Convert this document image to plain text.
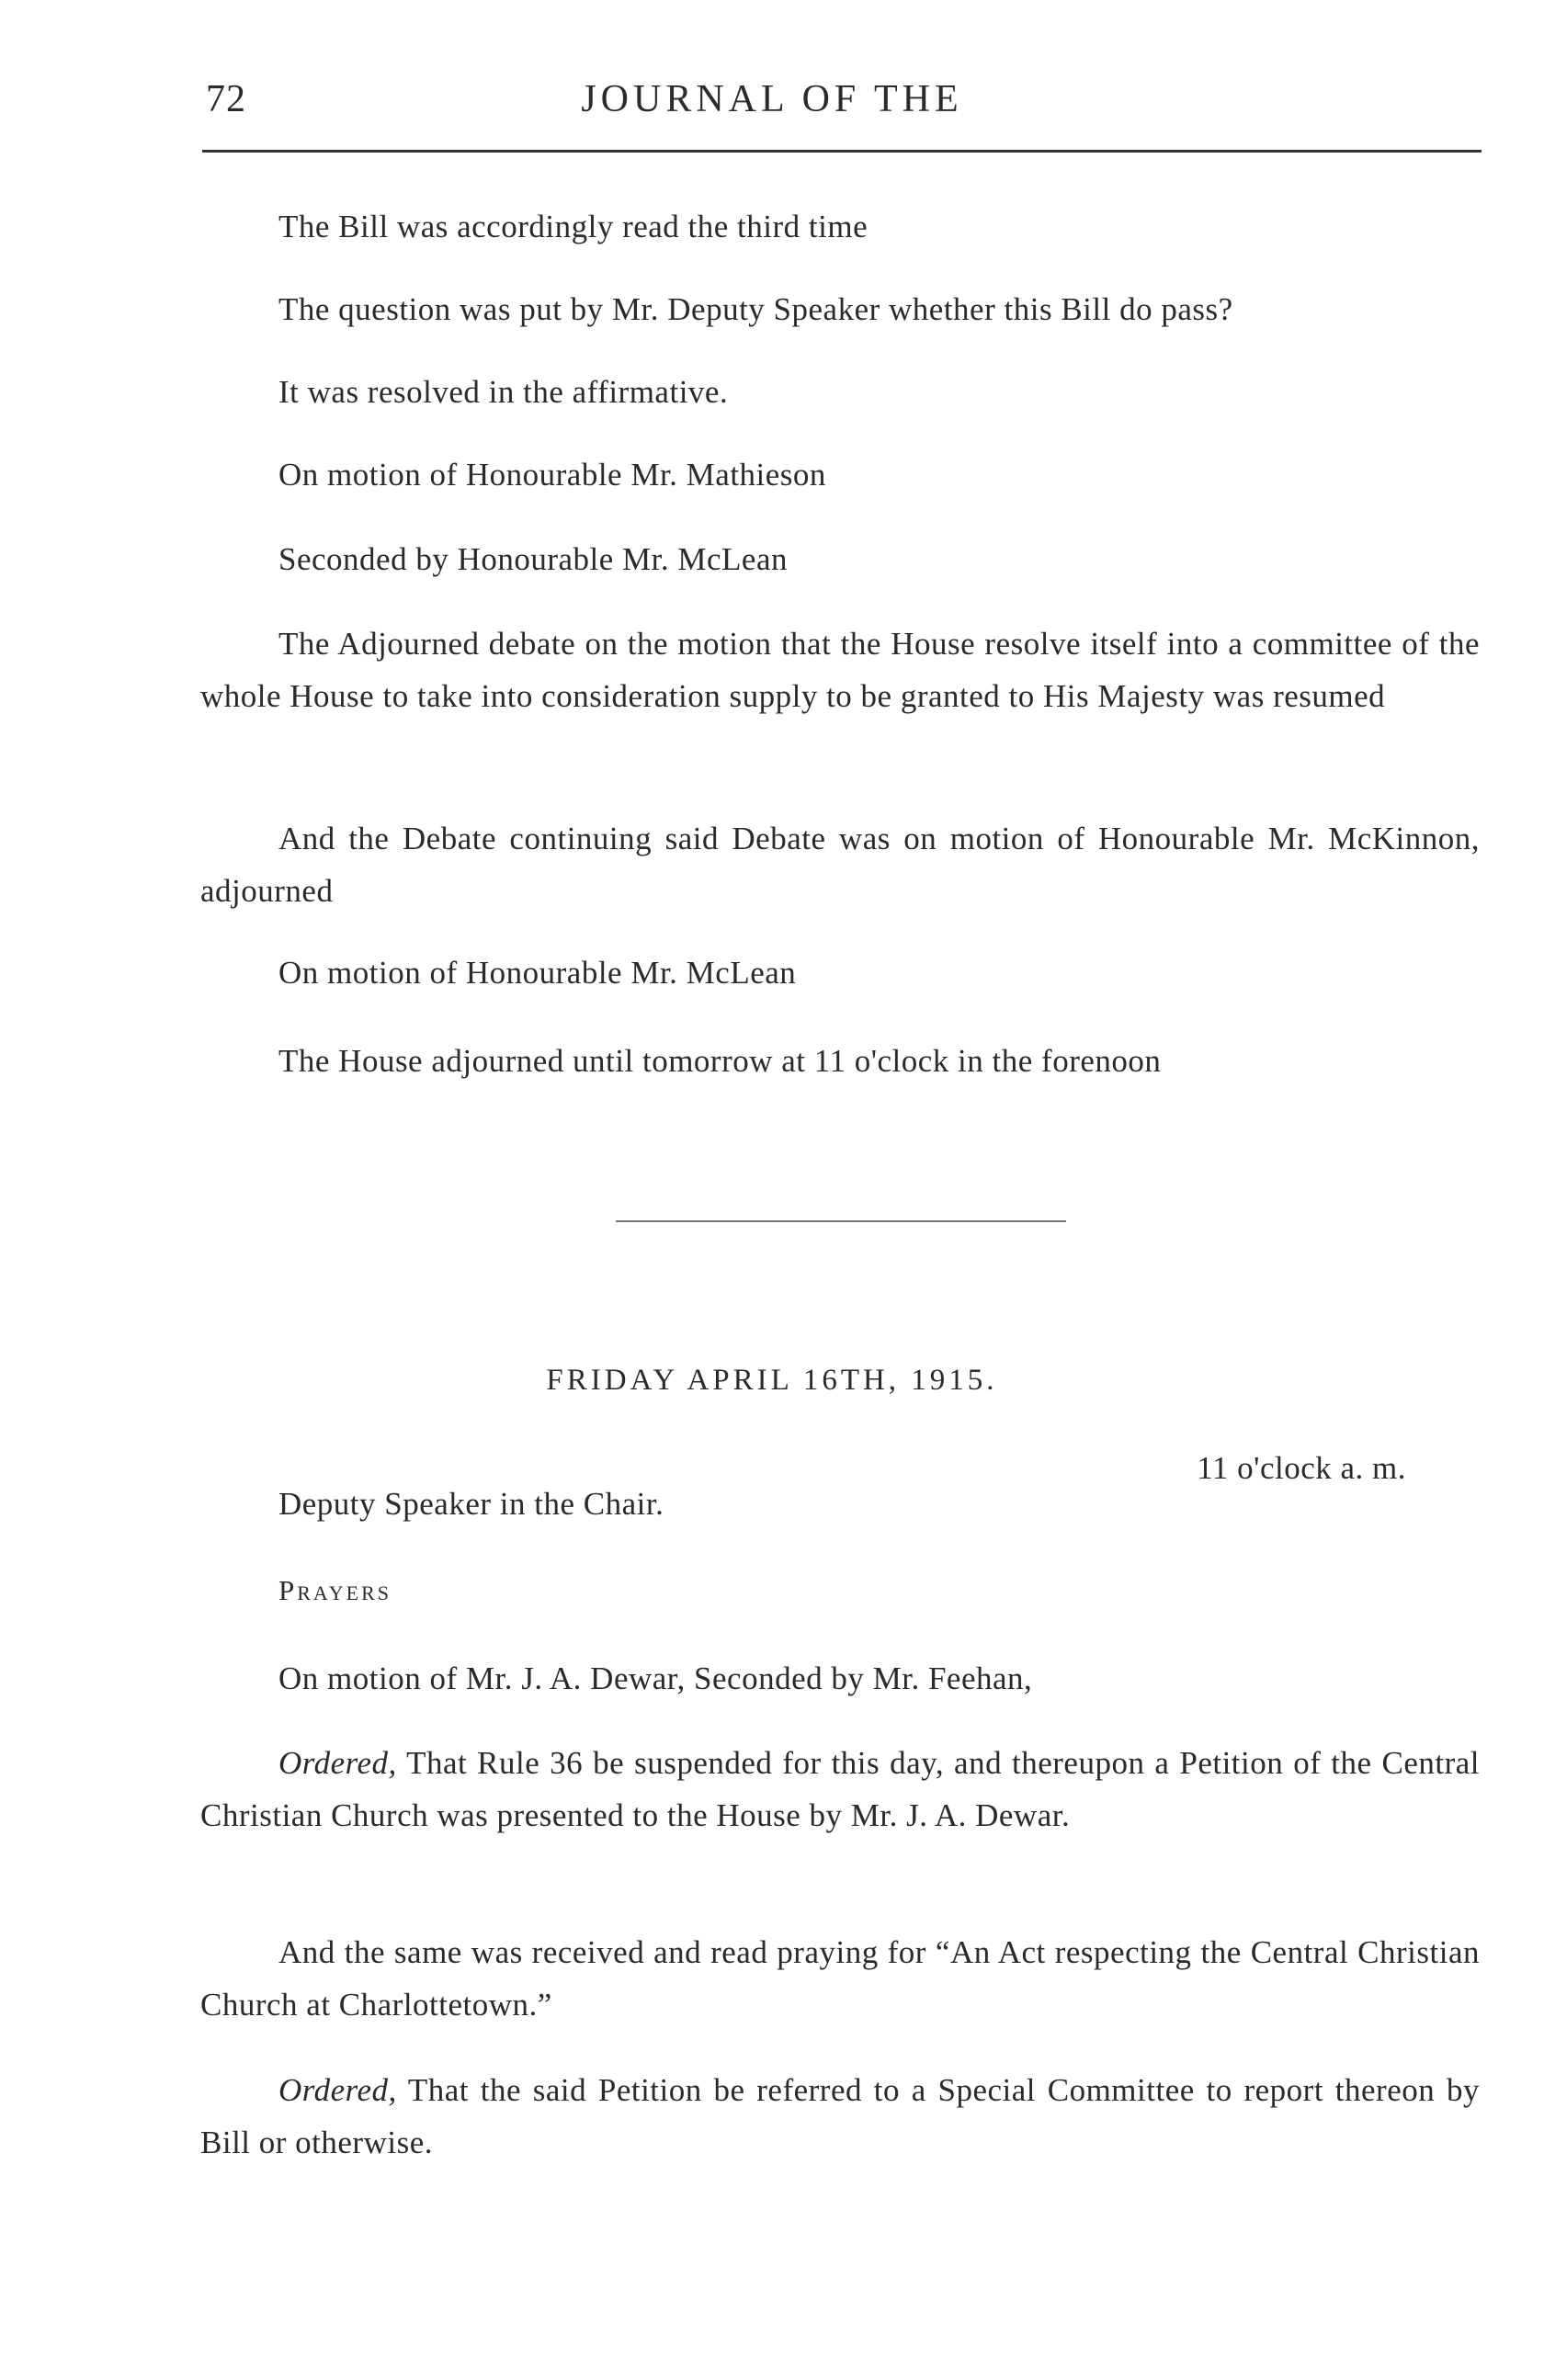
72	JOURNAL OF THE
The Bill was accordingly read the third time
The question was put by Mr. Deputy Speaker whether this Bill do pass?
It was resolved in the affirmative.
On motion of Honourable Mr. Mathieson
Seconded by Honourable Mr. McLean
The Adjourned debate on the motion that the House resolve itself into a committee of the whole House to take into consideration supply to be granted to His Majesty was resumed
And the Debate continuing said Debate was on motion of Honourable Mr. McKinnon, adjourned
On motion of Honourable Mr. McLean
The House adjourned until tomorrow at 11 o'clock in the forenoon
FRIDAY APRIL 16TH, 1915.
11 o'clock a. m.
Deputy Speaker in the Chair.
Prayers
On motion of Mr. J. A. Dewar, Seconded by Mr. Feehan,
Ordered, That Rule 36 be suspended for this day, and thereupon a Petition of the Central Christian Church was presented to the House by Mr. J. A. Dewar.
And the same was received and read praying for “An Act respecting the Central Christian Church at Charlottetown.”
Ordered, That the said Petition be referred to a Special Committee to report thereon by Bill or otherwise.
